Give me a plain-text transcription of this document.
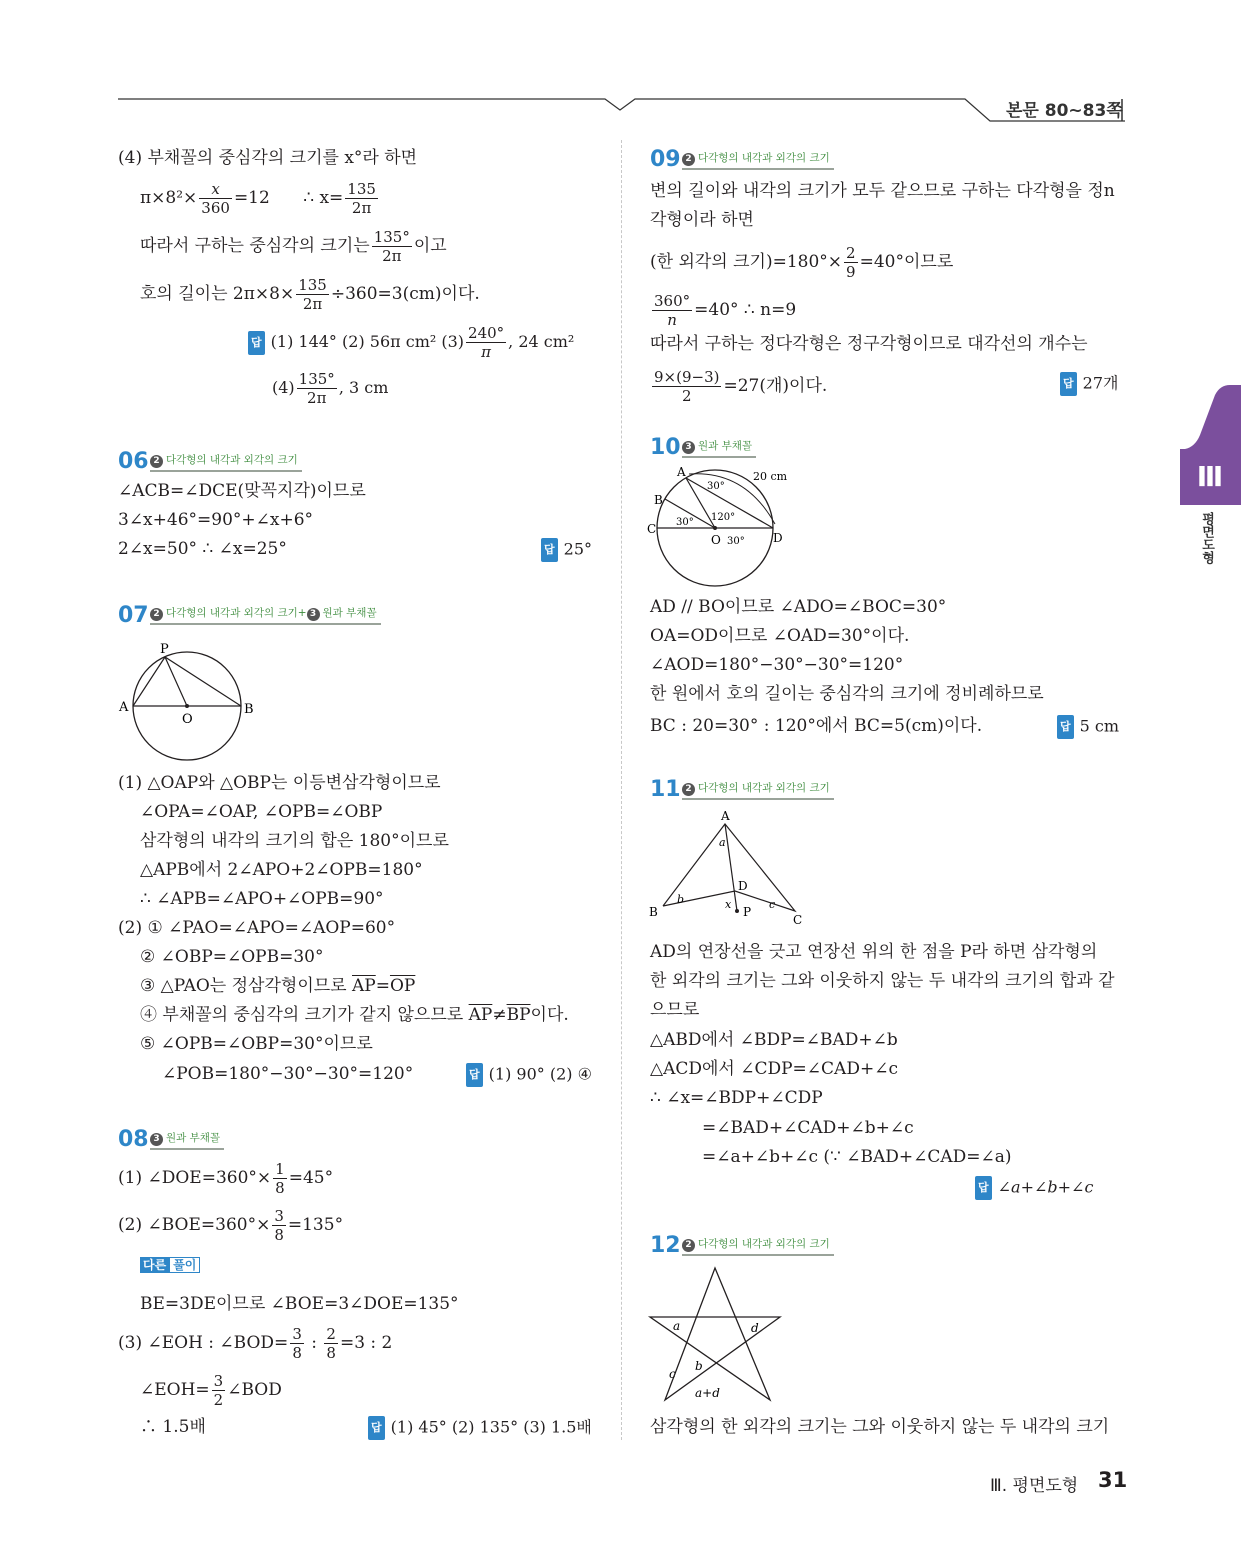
본문 80~83쪽
Ⅲ
평면도형
(4) 부채꼴의 중심각의 크기를 x°라 하면
$\pi\times 8^2\times \frac{x}{360} =12$ ∴ $x= \frac{135}{2\pi}$
따라서 구하는 중심각의 크기는 $\frac{135^\circ}{2\pi}$ 이고
호의 길이는 $2\pi\times 8\times \frac{135}{2\pi} \div 360=3(cm)$이다.
답 (1) 144° (2) 56π cm² $(3) \frac{240^\circ}{\pi}$ , 24 cm²
$(4) \frac{135^\circ}{2\pi}$ , 3 cm
06 2 다각형의 내각과 외각의 크기
∠ACB=∠DCE(맞꼭지각)이므로
3∠x+46°=90°+∠x+6°
2∠x=50° ∴ ∠x=25°	답 25°
07 2 다각형의 내각과 외각의 크기+ 3 원과 부채꼴
P
A	B
O
(1) △OAP와 △OBP는 이등변삼각형이므로
∠OPA=∠OAP, ∠OPB=∠OBP
삼각형의 내각의 크기의 합은 180°이므로
△APB에서 2∠APO+2∠OPB=180°
∴ ∠APB=∠APO+∠OPB=90°
(2) ① ∠PAO=∠APO=∠AOP=60°
② ∠OBP=∠OPB=30°
③ △PAO는 정삼각형이므로 $\overline{AP}=\overline{OP}$
④ 부채꼴의 중심각의 크기가 같지 않으므로 $\overline{AP}\ne\overline{BP}$이다.
⑤ ∠OPB=∠OBP=30°이므로
∠POB=180°−30°−30°=120°	답 (1) 90° (2) ④
08 3 원과 부채꼴
(1) ∠DOE=360°× $\frac{1}{8} =45^\circ$
(2) ∠BOE=360°× $\frac{3}{8} =135^\circ$
다른 풀이
BE=3DE이므로 ∠BOE=3∠DOE=135°
(3) ∠EOH : ∠BOD= $\frac{3}{8}$ : $\frac{2}{8} =3$ : 2
∠EOH= $\frac{3}{2}$ ∠BOD
∴ 1.5배	답 (1) 45° (2) 135° (3) 1.5배
09 2 다각형의 내각과 외각의 크기
변의 길이와 내각의 크기가 모두 같으므로 구하는 다각형을 정n
각형이라 하면
(한 외각의 크기)$=180^\circ\times \frac{2}{9} =40^\circ$이므로
$\frac{360^\circ}{n} =40^\circ$ ∴ n=9
따라서 구하는 정다각형은 정구각형이므로 대각선의 개수는
$\frac{9\times(9-3)}{2} =27$(개)이다.	답 27개
10 3 원과 부채꼴
A
B
C
O	D
20 cm
30°
120°
30°
30°
AD // BO이므로 ∠ADO=∠BOC=30°
OA=OD이므로 ∠OAD=30°이다.
∠AOD=180°−30°−30°=120°
한 원에서 호의 길이는 중심각의 크기에 정비례하므로
BC : 20=30° : 120°에서 BC=5(cm)이다.	답 5 cm
11 2 다각형의 내각과 외각의 크기
A
B
C
D
P
a
b	c
x
AD의 연장선을 긋고 연장선 위의 한 점을 P라 하면 삼각형의
한 외각의 크기는 그와 이웃하지 않는 두 내각의 크기의 합과 같
으므로
△ABD에서 ∠BDP=∠BAD+∠b
△ACD에서 ∠CDP=∠CAD+∠c
∴ ∠x=∠BDP+∠CDP
=∠BAD+∠CAD+∠b+∠c
=∠a+∠b+∠c (∵ ∠BAD+∠CAD=∠a)
답 ∠a+∠b+∠c
12 2 다각형의 내각과 외각의 크기
a
b
c
d
a+d
삼각형의 한 외각의 크기는 그와 이웃하지 않는 두 내각의 크기
Ⅲ. 평면도형 31
